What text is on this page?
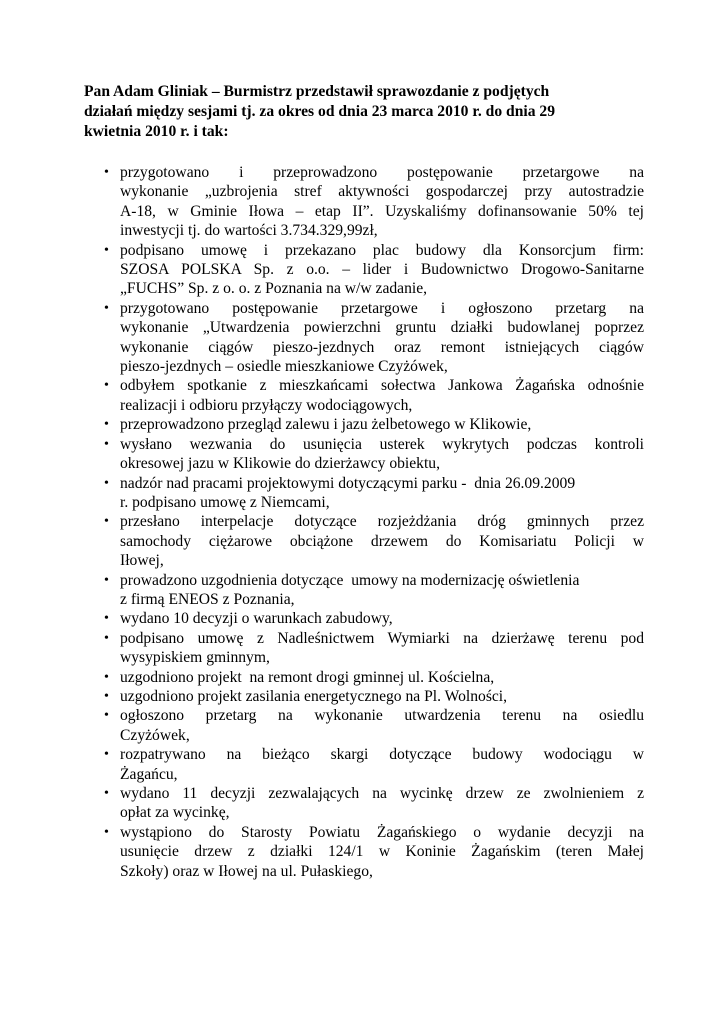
Pan Adam Gliniak – Burmistrz przedstawił sprawozdanie z podjętych
działań między sesjami tj. za okres od dnia 23 marca 2010 r. do dnia 29
kwietnia 2010 r. i tak:
• przygotowano i przeprowadzono postępowanie przetargowe na
wykonanie „uzbrojenia stref aktywności gospodarczej przy autostradzie
A-18, w Gminie Iłowa – etap II”. Uzyskaliśmy dofinansowanie 50% tej
inwestycji tj. do wartości 3.734.329,99zł,
• podpisano umowę i przekazano plac budowy dla Konsorcjum firm:
SZOSA POLSKA Sp. z o.o. – lider i Budownictwo Drogowo-Sanitarne
„FUCHS” Sp. z o. o. z Poznania na w/w zadanie,
• przygotowano postępowanie przetargowe i ogłoszono przetarg na
wykonanie „Utwardzenia powierzchni gruntu działki budowlanej poprzez
wykonanie ciągów pieszo-jezdnych oraz remont istniejących ciągów
pieszo-jezdnych – osiedle mieszkaniowe Czyżówek,
• odbyłem spotkanie z mieszkańcami sołectwa Jankowa Żagańska odnośnie
realizacji i odbioru przyłączy wodociągowych,
• przeprowadzono przegląd zalewu i jazu żelbetowego w Klikowie,
• wysłano wezwania do usunięcia usterek wykrytych podczas kontroli
okresowej jazu w Klikowie do dzierżawcy obiektu,
• nadzór nad pracami projektowymi dotyczącymi parku -  dnia 26.09.2009
r. podpisano umowę z Niemcami,
• przesłano interpelacje dotyczące rozjeżdżania dróg gminnych przez
samochody ciężarowe obciążone drzewem do Komisariatu Policji w
Iłowej,
• prowadzono uzgodnienia dotyczące  umowy na modernizację oświetlenia
z firmą ENEOS z Poznania,
• wydano 10 decyzji o warunkach zabudowy,
• podpisano umowę z Nadleśnictwem Wymiarki na dzierżawę terenu pod
wysypiskiem gminnym,
• uzgodniono projekt  na remont drogi gminnej ul. Kościelna,
• uzgodniono projekt zasilania energetycznego na Pl. Wolności,
• ogłoszono przetarg na wykonanie utwardzenia terenu na osiedlu
Czyżówek,
• rozpatrywano na bieżąco skargi dotyczące budowy wodociągu w
Żagańcu,
• wydano 11 decyzji zezwalających na wycinkę drzew ze zwolnieniem z
opłat za wycinkę,
• wystąpiono do Starosty Powiatu Żagańskiego o wydanie decyzji na
usunięcie drzew z działki 124/1 w Koninie Żagańskim (teren Małej
Szkoły) oraz w Iłowej na ul. Pułaskiego,
